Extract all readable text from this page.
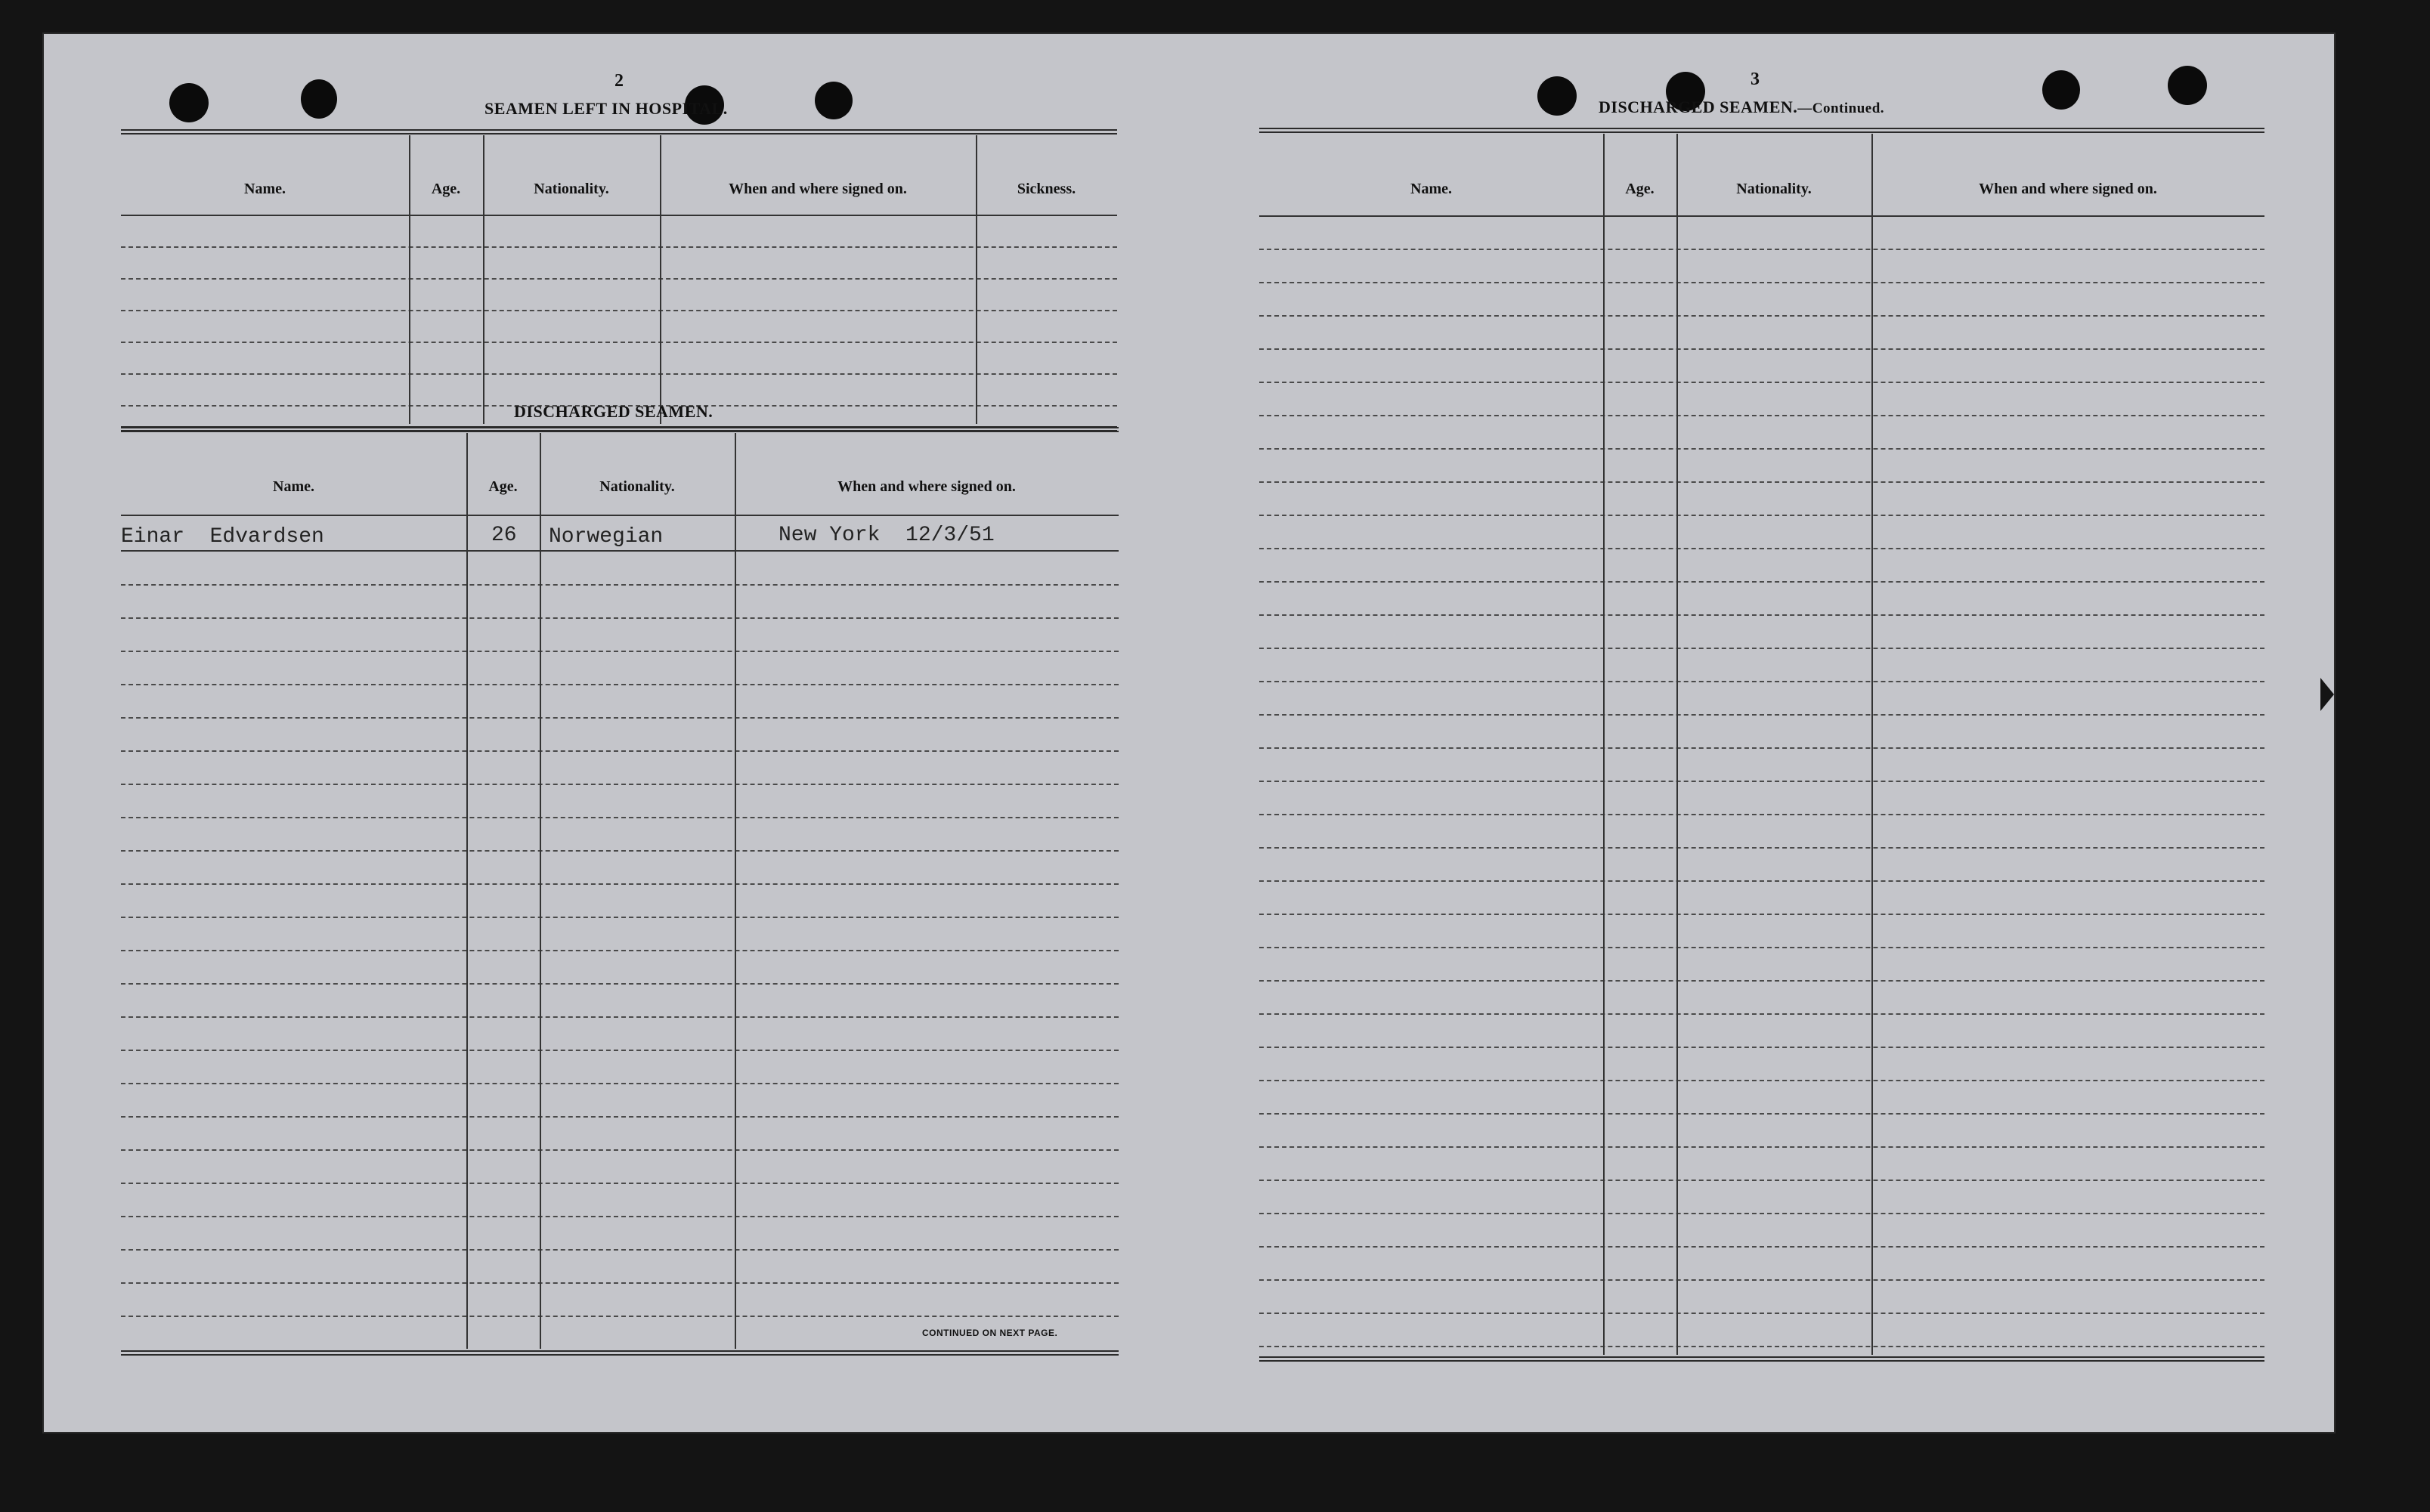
2
SEAMEN LEFT IN HOSPITAL.
Name.	Age.	Nationality.	When and where signed on.	Sickness.
DISCHARGED SEAMEN.
Name.	Age.	Nationality.	When and where signed on.
Einar  Edvardsen	26 Norwegian	New York  12/3/51
CONTINUED ON NEXT PAGE.
3
DISCHARGED SEAMEN.—Continued.
Name.	Age.	Nationality.	When and where signed on.
